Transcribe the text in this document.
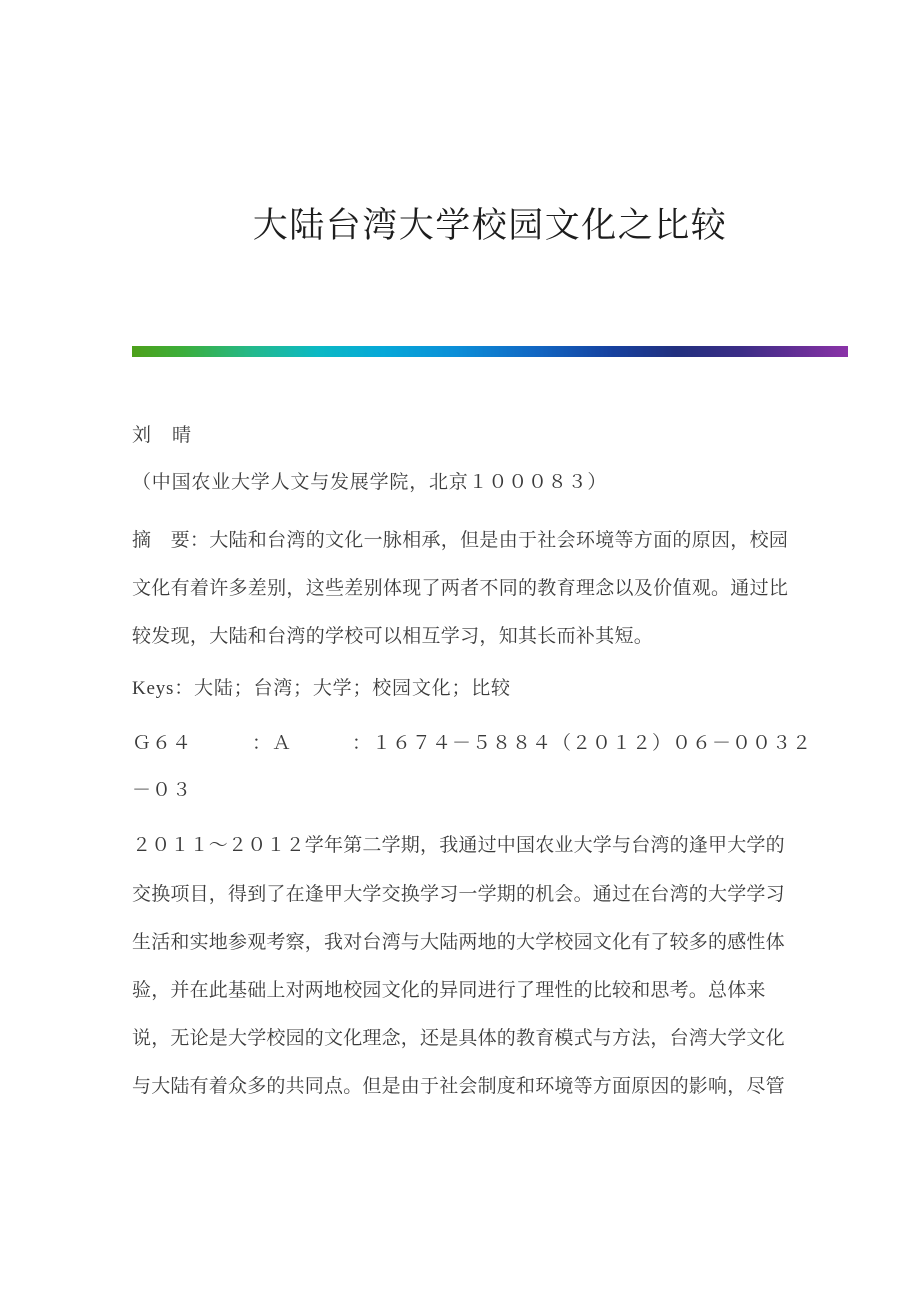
大陆台湾大学校园文化之比较
刘　晴
（中国农业大学人文与发展学院，北京１０００８３）
摘　要：大陆和台湾的文化一脉相承，但是由于社会环境等方面的原因，校园
文化有着许多差别，这些差别体现了两者不同的教育理念以及价值观。通过比
较发现，大陆和台湾的学校可以相互学习，知其长而补其短。
Keys：大陆；台湾；大学；校园文化；比较
Ｇ６４　　　：Ａ　　　：１６７４－５８８４（２０１２）０６－００３２
－０３
２０１１～２０１２学年第二学期，我通过中国农业大学与台湾的逢甲大学的
交换项目，得到了在逢甲大学交换学习一学期的机会。通过在台湾的大学学习
生活和实地参观考察，我对台湾与大陆两地的大学校园文化有了较多的感性体
验，并在此基础上对两地校园文化的异同进行了理性的比较和思考。总体来
说，无论是大学校园的文化理念，还是具体的教育模式与方法，台湾大学文化
与大陆有着众多的共同点。但是由于社会制度和环境等方面原因的影响，尽管
